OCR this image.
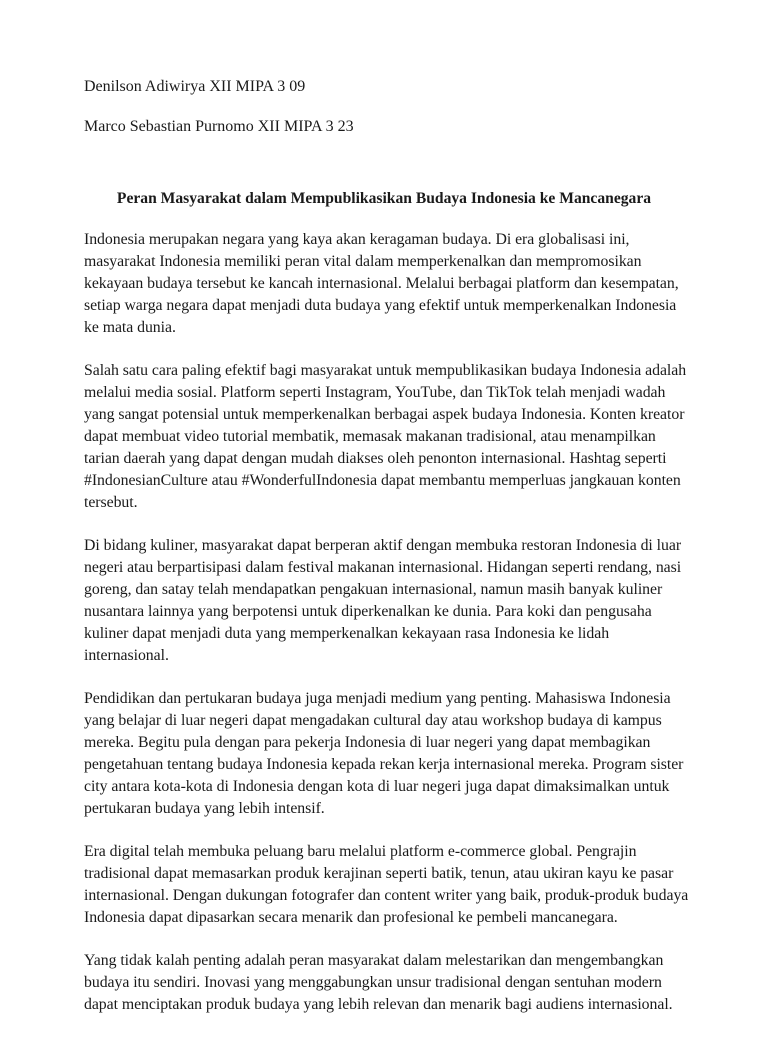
Denilson Adiwirya XII MIPA 3 09

Marco Sebastian Purnomo XII MIPA 3 23

Peran Masyarakat dalam Mempublikasikan Budaya Indonesia ke Mancanegara

Indonesia merupakan negara yang kaya akan keragaman budaya. Di era globalisasi ini, masyarakat Indonesia memiliki peran vital dalam memperkenalkan dan mempromosikan kekayaan budaya tersebut ke kancah internasional. Melalui berbagai platform dan kesempatan, setiap warga negara dapat menjadi duta budaya yang efektif untuk memperkenalkan Indonesia ke mata dunia.

Salah satu cara paling efektif bagi masyarakat untuk mempublikasikan budaya Indonesia adalah melalui media sosial. Platform seperti Instagram, YouTube, dan TikTok telah menjadi wadah yang sangat potensial untuk memperkenalkan berbagai aspek budaya Indonesia. Konten kreator dapat membuat video tutorial membatik, memasak makanan tradisional, atau menampilkan tarian daerah yang dapat dengan mudah diakses oleh penonton internasional. Hashtag seperti #IndonesianCulture atau #WonderfulIndonesia dapat membantu memperluas jangkauan konten tersebut.

Di bidang kuliner, masyarakat dapat berperan aktif dengan membuka restoran Indonesia di luar negeri atau berpartisipasi dalam festival makanan internasional. Hidangan seperti rendang, nasi goreng, dan satay telah mendapatkan pengakuan internasional, namun masih banyak kuliner nusantara lainnya yang berpotensi untuk diperkenalkan ke dunia. Para koki dan pengusaha kuliner dapat menjadi duta yang memperkenalkan kekayaan rasa Indonesia ke lidah internasional.

Pendidikan dan pertukaran budaya juga menjadi medium yang penting. Mahasiswa Indonesia yang belajar di luar negeri dapat mengadakan cultural day atau workshop budaya di kampus mereka. Begitu pula dengan para pekerja Indonesia di luar negeri yang dapat membagikan pengetahuan tentang budaya Indonesia kepada rekan kerja internasional mereka. Program sister city antara kota-kota di Indonesia dengan kota di luar negeri juga dapat dimaksimalkan untuk pertukaran budaya yang lebih intensif.

Era digital telah membuka peluang baru melalui platform e-commerce global. Pengrajin tradisional dapat memasarkan produk kerajinan seperti batik, tenun, atau ukiran kayu ke pasar internasional. Dengan dukungan fotografer dan content writer yang baik, produk-produk budaya Indonesia dapat dipasarkan secara menarik dan profesional ke pembeli mancanegara.

Yang tidak kalah penting adalah peran masyarakat dalam melestarikan dan mengembangkan budaya itu sendiri. Inovasi yang menggabungkan unsur tradisional dengan sentuhan modern dapat menciptakan produk budaya yang lebih relevan dan menarik bagi audiens internasional.
